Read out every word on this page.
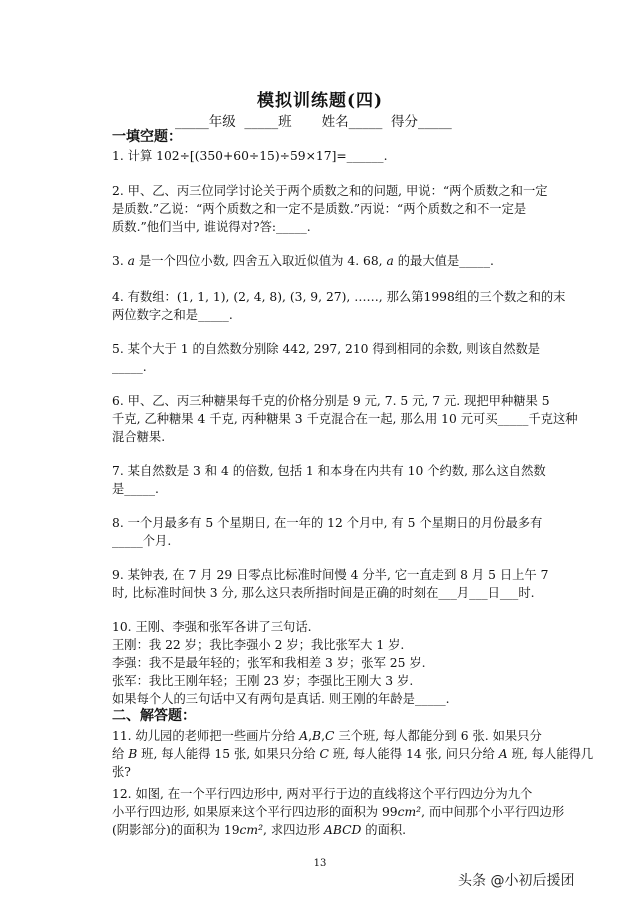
模拟训练题(四)
_____年级  _____班       姓名_____  得分_____
一填空题：
1. 计算 102÷[(350+60÷15)÷59×17]=______.
2. 甲、乙、丙三位同学讨论关于两个质数之和的问题, 甲说：“两个质数之和一定
是质数.”乙说：“两个质数之和一定不是质数.”丙说：“两个质数之和不一定是
质数.”他们当中, 谁说得对?答:_____.
3. a 是一个四位小数, 四舍五入取近似值为 4. 68, a 的最大值是_____.
4. 有数组：(1, 1, 1), (2, 4, 8), (3, 9, 27), ……, 那么第1998组的三个数之和的末
两位数字之和是_____.
5. 某个大于 1 的自然数分别除 442, 297, 210 得到相同的余数, 则该自然数是
_____.
6. 甲、乙、丙三种糖果每千克的价格分别是 9 元, 7. 5 元, 7 元. 现把甲种糖果 5
千克, 乙种糖果 4 千克, 丙种糖果 3 千克混合在一起, 那么用 10 元可买_____千克这种
混合糖果.
7. 某自然数是 3 和 4 的倍数, 包括 1 和本身在内共有 10 个约数, 那么这自然数
是_____.
8. 一个月最多有 5 个星期日, 在一年的 12 个月中, 有 5 个星期日的月份最多有
_____个月.
9. 某钟表, 在 7 月 29 日零点比标准时间慢 4 分半, 它一直走到 8 月 5 日上午 7
时, 比标准时间快 3 分, 那么这只表所指时间是正确的时刻在___月___日___时.
10. 王刚、李强和张军各讲了三句话.
王刚：我 22 岁；我比李强小 2 岁；我比张军大 1 岁.
李强：我不是最年轻的；张军和我相差 3 岁；张军 25 岁.
张军：我比王刚年轻；王刚 23 岁；李强比王刚大 3 岁.
如果每个人的三句话中又有两句是真话. 则王刚的年龄是_____.
二、解答题：
11. 幼儿园的老师把一些画片分给 A,B,C 三个班, 每人都能分到 6 张. 如果只分
给 B 班, 每人能得 15 张, 如果只分给 C 班, 每人能得 14 张, 问只分给 A 班, 每人能得几
张?
12. 如图, 在一个平行四边形中, 两对平行于边的直线将这个平行四边分为九个
小平行四边形, 如果原来这个平行四边形的面积为 99cm², 而中间那个小平行四边形
(阴影部分)的面积为 19cm², 求四边形 ABCD 的面积.
13
头条 @小初后援团
